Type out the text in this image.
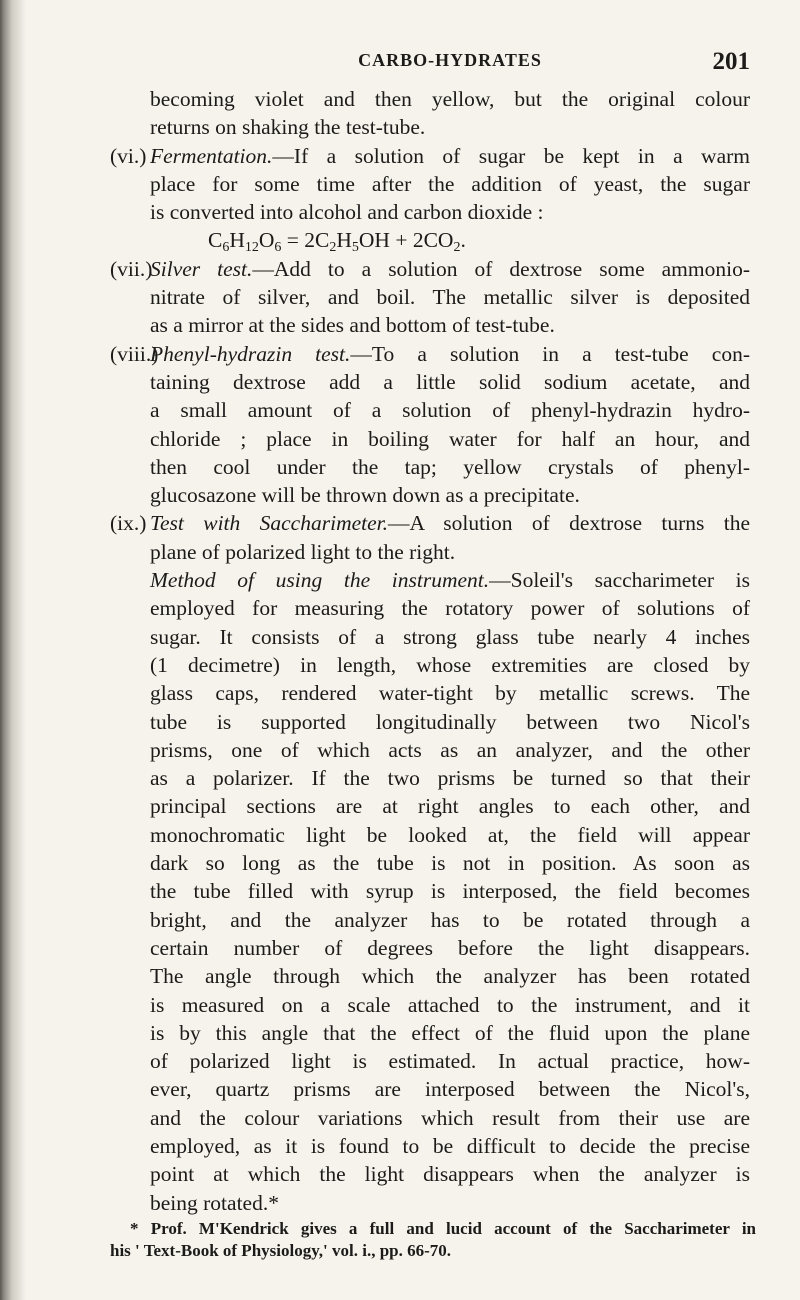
CARBO-HYDRATES	201
becoming violet and then yellow, but the original colour
returns on shaking the test-tube.
(vi.) Fermentation.—If a solution of sugar be kept in a warm
place for some time after the addition of yeast, the sugar
is converted into alcohol and carbon dioxide :
$C_6H_{12}O_6 = 2C_2H_5OH + 2CO_2$.
(vii.)
Silver test.—Add to a solution of dextrose some ammonio-
nitrate of silver, and boil. The metallic silver is deposited
as a mirror at the sides and bottom of test-tube.
(viii.)
Phenyl-hydrazin test.—To a solution in a test-tube con-
taining dextrose add a little solid sodium acetate, and
a small amount of a solution of phenyl-hydrazin hydro-
chloride ; place in boiling water for half an hour, and
then cool under the tap; yellow crystals of phenyl-
glucosazone will be thrown down as a precipitate.
(ix.) Test with Saccharimeter.—A solution of dextrose turns the
plane of polarized light to the right.
Method of using the instrument.—Soleil's saccharimeter is
employed for measuring the rotatory power of solutions of
sugar. It consists of a strong glass tube nearly 4 inches
(1 decimetre) in length, whose extremities are closed by
glass caps, rendered water-tight by metallic screws. The
tube is supported longitudinally between two Nicol's
prisms, one of which acts as an analyzer, and the other
as a polarizer. If the two prisms be turned so that their
principal sections are at right angles to each other, and
monochromatic light be looked at, the field will appear
dark so long as the tube is not in position. As soon as
the tube filled with syrup is interposed, the field becomes
bright, and the analyzer has to be rotated through a
certain number of degrees before the light disappears.
The angle through which the analyzer has been rotated
is measured on a scale attached to the instrument, and it
is by this angle that the effect of the fluid upon the plane
of polarized light is estimated. In actual practice, how-
ever, quartz prisms are interposed between the Nicol's,
and the colour variations which result from their use are
employed, as it is found to be difficult to decide the precise
point at which the light disappears when the analyzer is
being rotated.*
* Prof. M'Kendrick gives a full and lucid account of the Saccharimeter in
his ' Text-Book of Physiology,' vol. i., pp. 66-70.
